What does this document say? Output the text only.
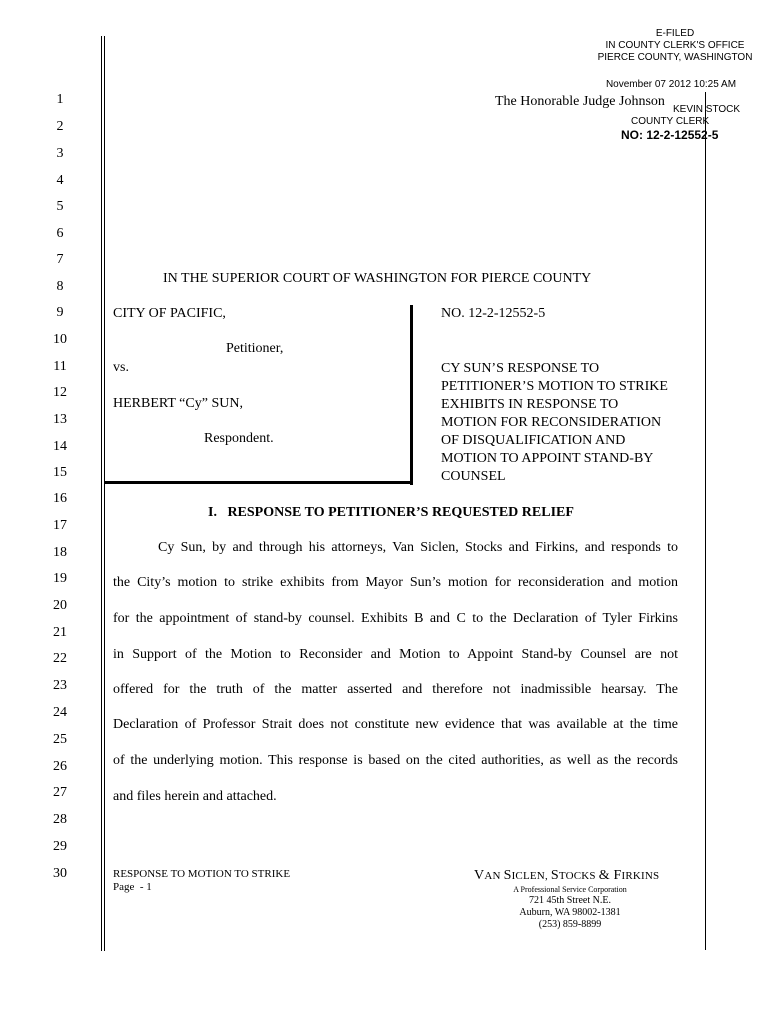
1
2
3
4
5
6
7
8
9
10
11
12
13
14
15
16
17
18
19
20
21
22
23
24
25
26
27
28
29
30
E-FILED
IN COUNTY CLERK'S OFFICE
PIERCE COUNTY, WASHINGTON
November 07 2012 10:25 AM
KEVIN STOCK
COUNTY CLERK
NO: 12-2-12552-5
The Honorable Judge Johnson
IN THE SUPERIOR COURT OF WASHINGTON FOR PIERCE COUNTY
CITY OF PACIFIC,
Petitioner,
vs.
HERBERT “Cy” SUN,
Respondent.
NO. 12-2-12552-5
CY SUN’S RESPONSE TO
PETITIONER’S MOTION TO STRIKE
EXHIBITS IN RESPONSE TO
MOTION FOR RECONSIDERATION
OF DISQUALIFICATION AND
MOTION TO APPOINT STAND-BY
COUNSEL
I.   RESPONSE TO PETITIONER’S REQUESTED RELIEF
Cy Sun, by and through his attorneys, Van Siclen, Stocks and Firkins, and responds to
the City’s motion to strike exhibits from Mayor Sun’s motion for reconsideration and motion
for the appointment of stand-by counsel. Exhibits B and C to the Declaration of Tyler Firkins
in Support of the Motion to Reconsider and Motion to Appoint Stand-by Counsel are not
offered for the truth of the matter asserted and therefore not inadmissible hearsay. The
Declaration of Professor Strait does not constitute new evidence that was available at the time
of the underlying motion. This response is based on the cited authorities, as well as the records
and files herein and attached.
RESPONSE TO MOTION TO STRIKE
Page  - 1
VAN SICLEN, STOCKS & FIRKINS
A Professional Service Corporation
721 45th Street N.E.
Auburn, WA 98002-1381
(253) 859-8899
